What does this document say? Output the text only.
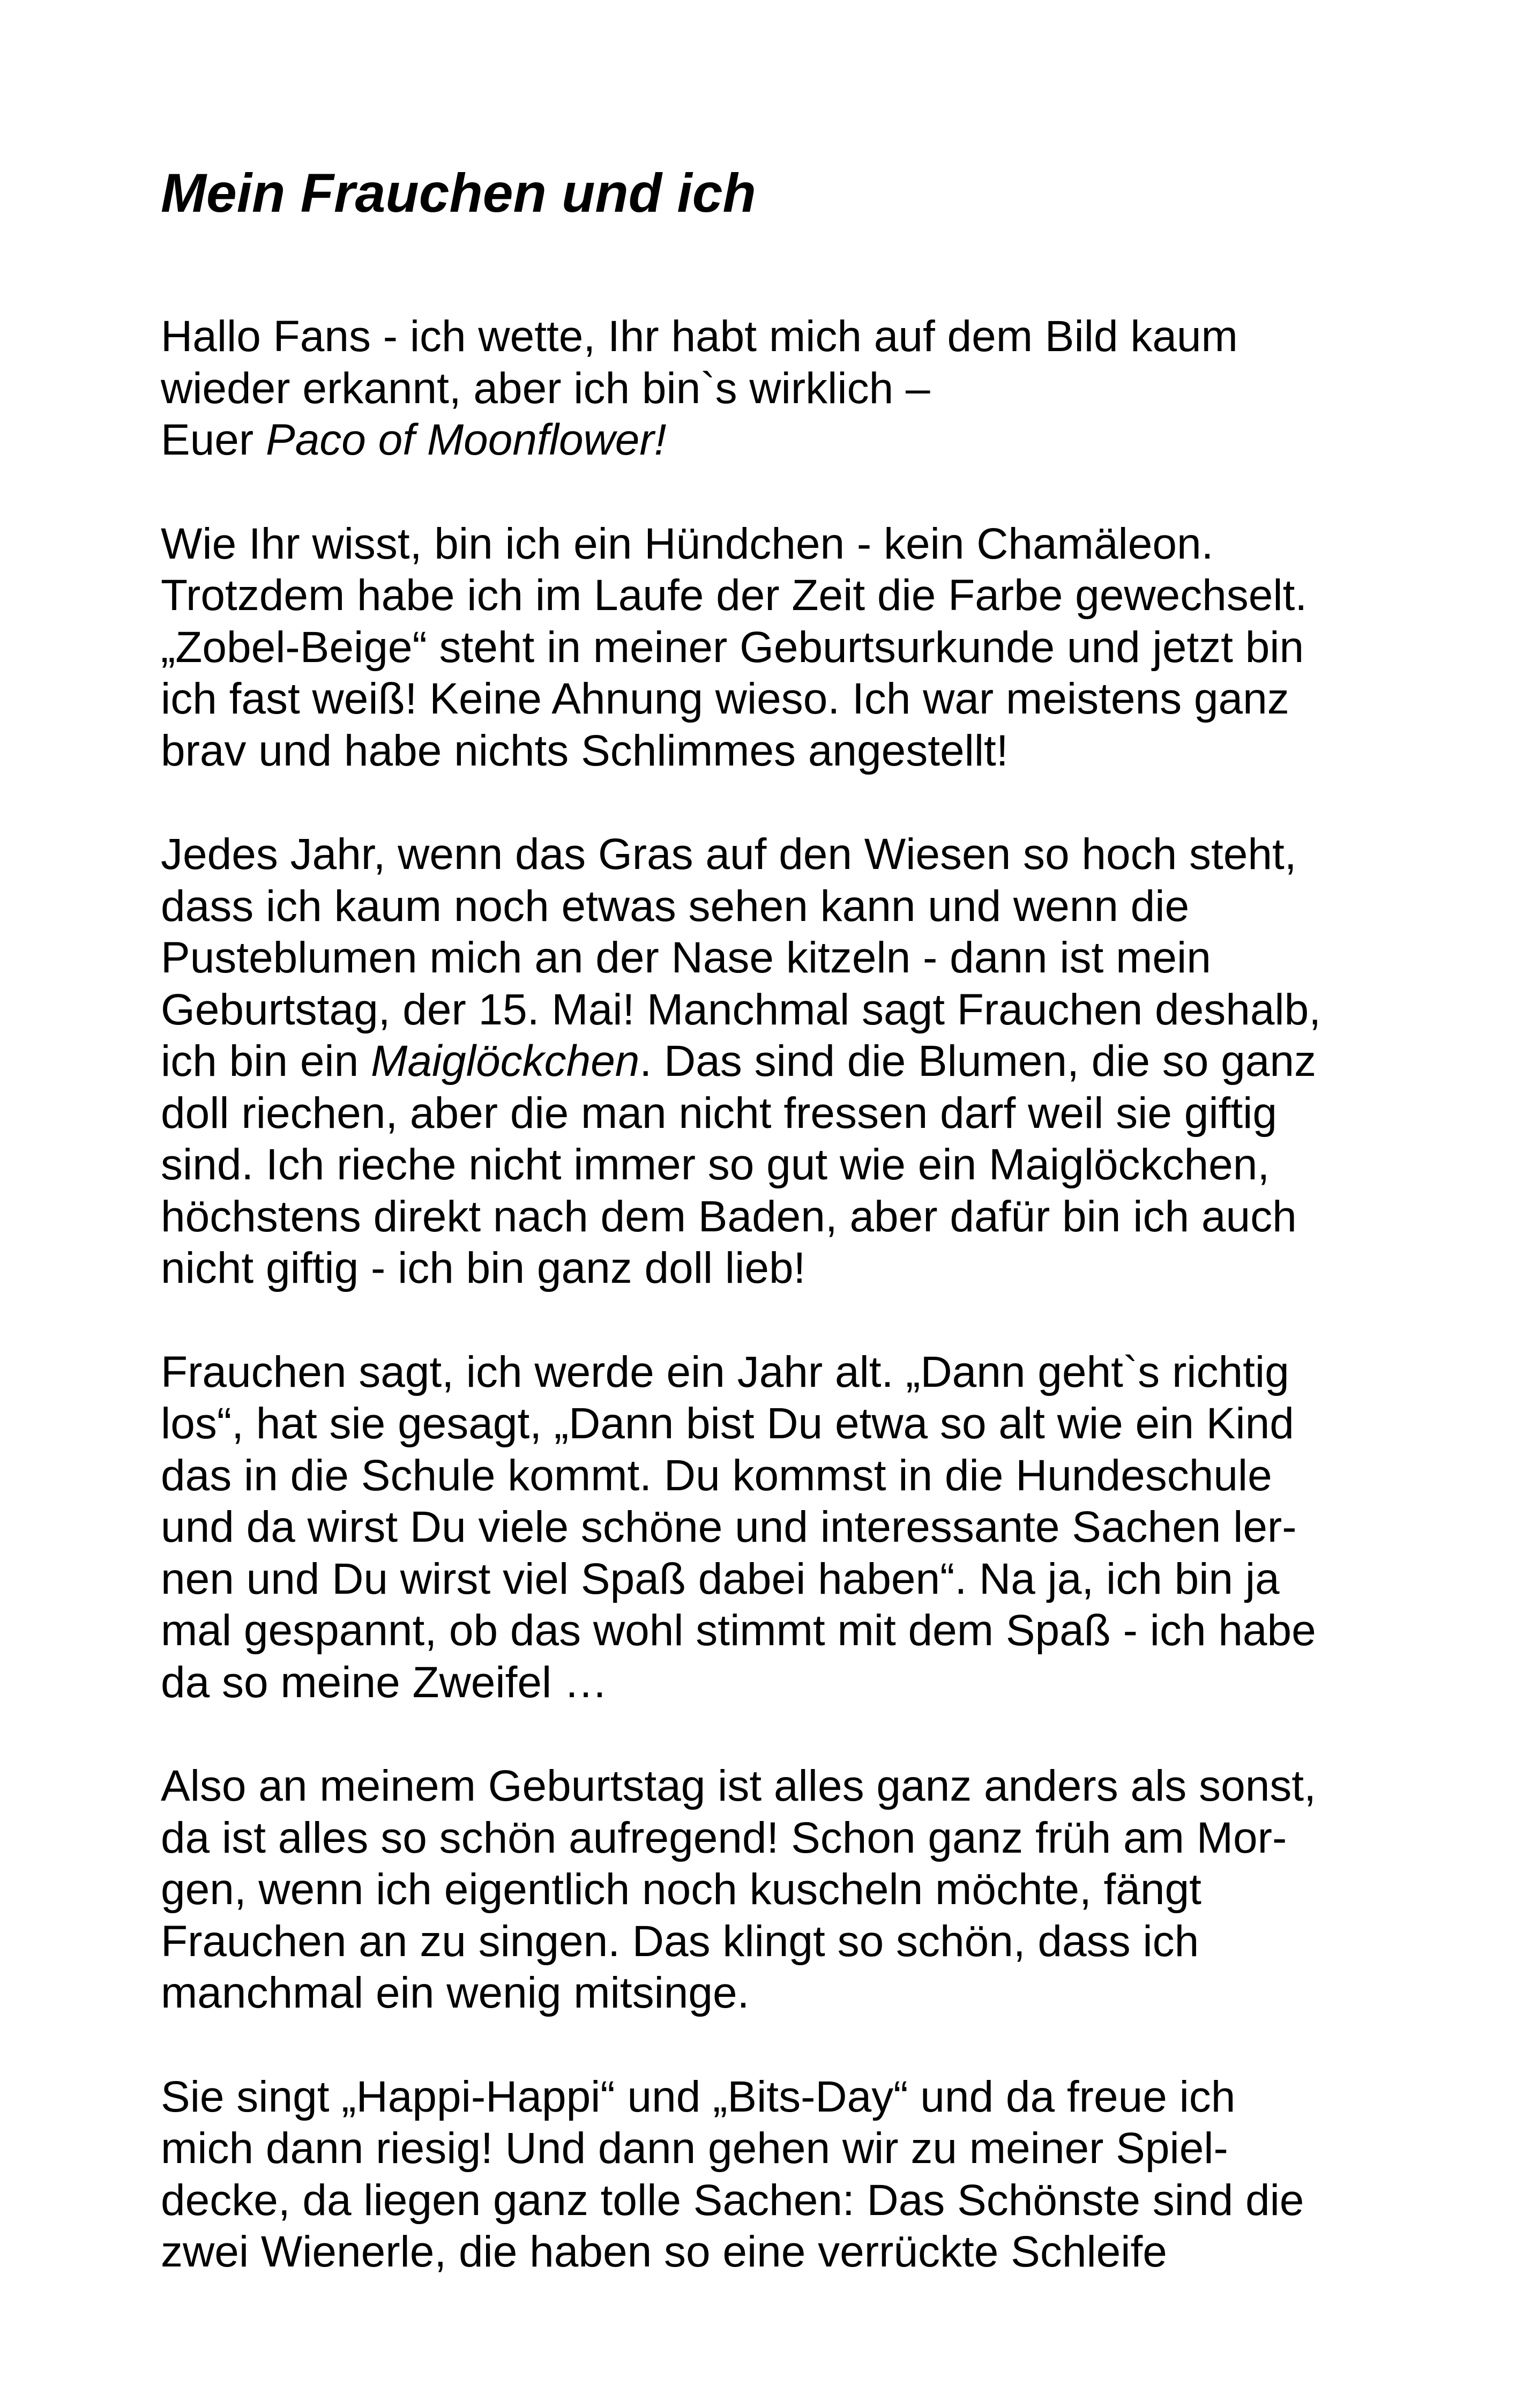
Mein Frauchen und ich
Hallo Fans - ich wette, Ihr habt mich auf dem Bild kaum
wieder erkannt, aber ich bin`s wirklich –
Euer Paco of Moonflower!
Wie Ihr wisst, bin ich ein Hündchen - kein Chamäleon.
Trotzdem habe ich im Laufe der Zeit die Farbe gewechselt.
„Zobel-Beige“ steht in meiner Geburtsurkunde und jetzt bin
ich fast weiß! Keine Ahnung wieso. Ich war meistens ganz
brav und habe nichts Schlimmes angestellt!
Jedes Jahr, wenn das Gras auf den Wiesen so hoch steht,
dass ich kaum noch etwas sehen kann und wenn die
Pusteblumen mich an der Nase kitzeln - dann ist mein
Geburtstag, der 15. Mai! Manchmal sagt Frauchen deshalb,
ich bin ein Maiglöckchen. Das sind die Blumen, die so ganz
doll riechen, aber die man nicht fressen darf weil sie giftig
sind. Ich rieche nicht immer so gut wie ein Maiglöckchen,
höchstens direkt nach dem Baden, aber dafür bin ich auch
nicht giftig - ich bin ganz doll lieb!
Frauchen sagt, ich werde ein Jahr alt. „Dann geht`s richtig
los“, hat sie gesagt, „Dann bist Du etwa so alt wie ein Kind
das in die Schule kommt. Du kommst in die Hundeschule
und da wirst Du viele schöne und interessante Sachen ler-
nen und Du wirst viel Spaß dabei haben“. Na ja, ich bin ja
mal gespannt, ob das wohl stimmt mit dem Spaß - ich habe
da so meine Zweifel …
Also an meinem Geburtstag ist alles ganz anders als sonst,
da ist alles so schön aufregend! Schon ganz früh am Mor-
gen, wenn ich eigentlich noch kuscheln möchte, fängt
Frauchen an zu singen. Das klingt so schön, dass ich
manchmal ein wenig mitsinge.
Sie singt „Happi-Happi“ und „Bits-Day“ und da freue ich
mich dann riesig! Und dann gehen wir zu meiner Spiel-
decke, da liegen ganz tolle Sachen: Das Schönste sind die
zwei Wienerle, die haben so eine verrückte Schleife
